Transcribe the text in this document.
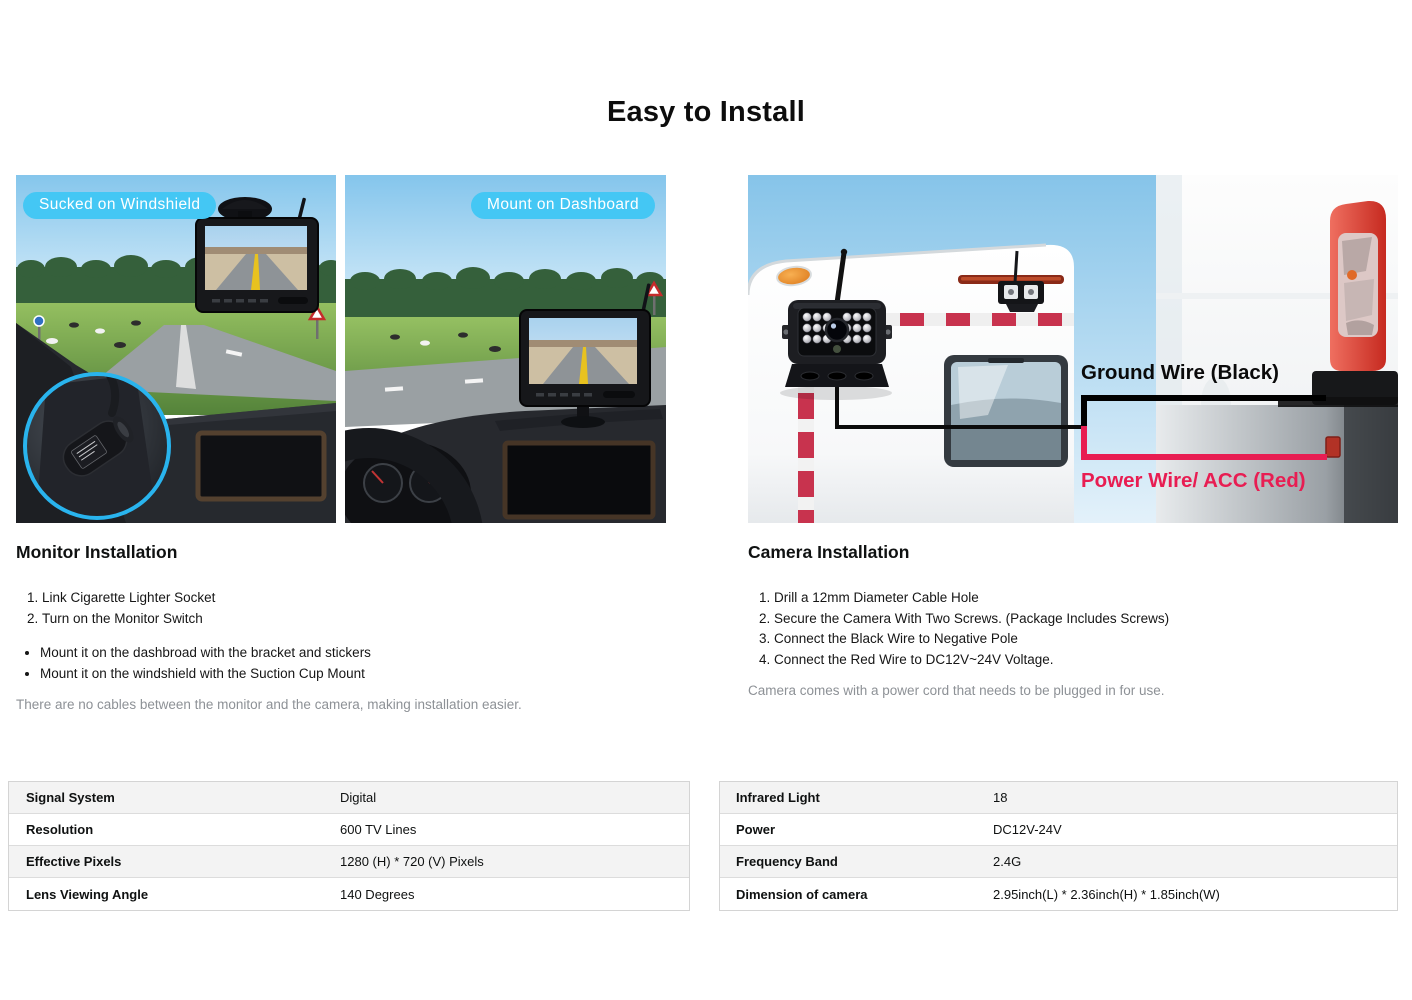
Easy to Install
Sucked on Windshield	Mount on Dashboard
Ground Wire (Black)
Power Wire/ ACC (Red)
Monitor Installation
1. Link Cigarette Lighter Socket
2. Turn on the Monitor Switch
• Mount it on the dashbroad with the bracket and stickers
• Mount it on the windshield with the Suction Cup Mount

There are no cables between the monitor and the camera, making installation easier.

Camera Installation
1. Drill a 12mm Diameter Cable Hole
2. Secure the Camera With Two Screws. (Package Includes Screws)
3. Connect the Black Wire to Negative Pole
4. Connect the Red Wire to DC12V~24V Voltage.

Camera comes with a power cord that needs to be plugged in for use.

Signal System	Digital
Resolution	600 TV Lines
Effective Pixels	1280 (H) * 720 (V) Pixels
Lens Viewing Angle	140 Degrees
Infrared Light	18
Power	DC12V-24V
Frequency Band	2.4G
Dimension of camera	2.95inch(L) * 2.36inch(H) * 1.85inch(W)
